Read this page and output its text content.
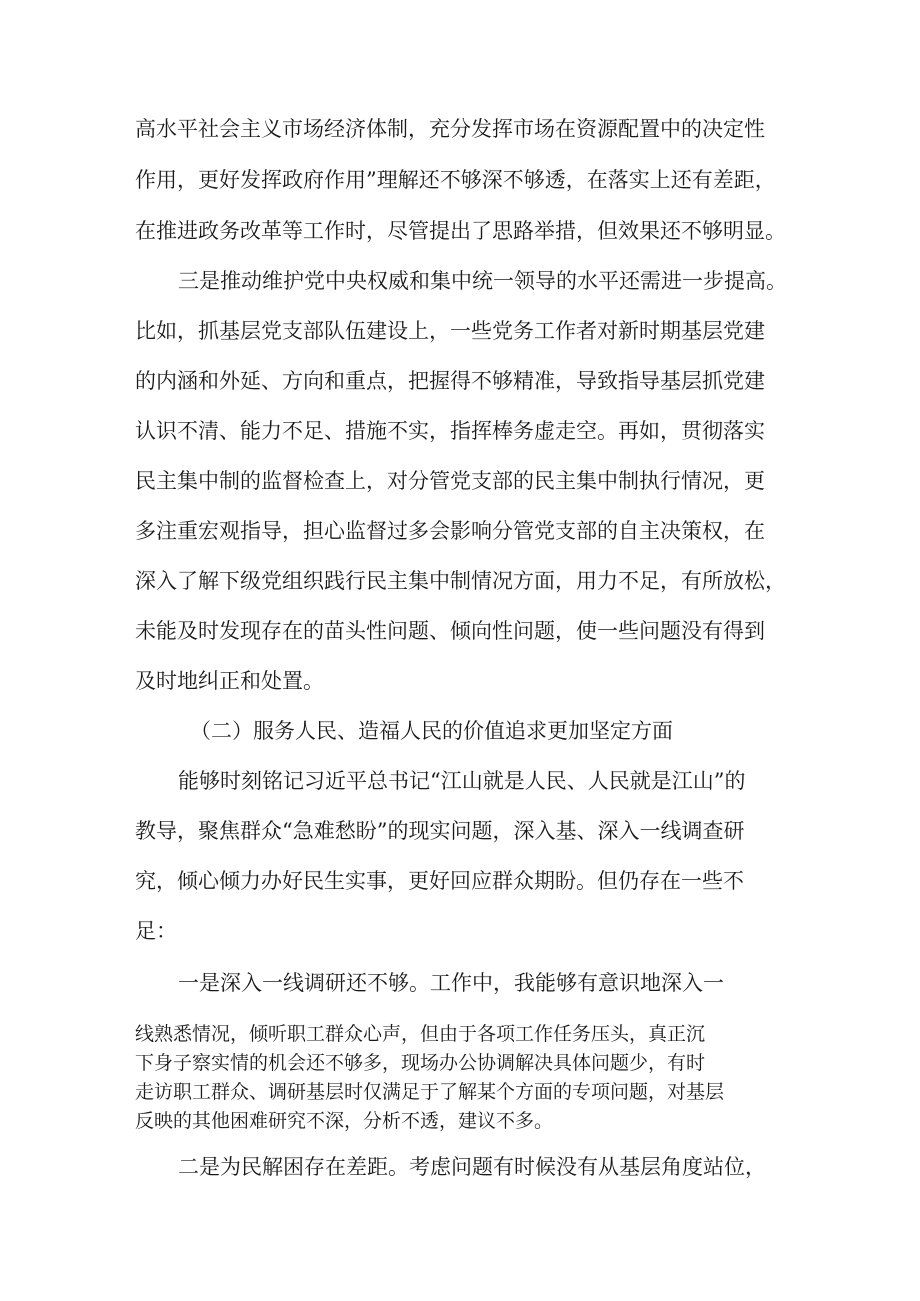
高水平社会主义市场经济体制，充分发挥市场在资源配置中的决定性
作用，更好发挥政府作用”理解还不够深不够透，在落实上还有差距，
在推进政务改革等工作时，尽管提出了思路举措，但效果还不够明显。
三是推动维护党中央权威和集中统一领导的水平还需进一步提高。
比如，抓基层党支部队伍建设上，一些党务工作者对新时期基层党建
的内涵和外延、方向和重点，把握得不够精准，导致指导基层抓党建
认识不清、能力不足、措施不实，指挥棒务虚走空。再如，贯彻落实
民主集中制的监督检查上，对分管党支部的民主集中制执行情况，更
多注重宏观指导，担心监督过多会影响分管党支部的自主决策权，在
深入了解下级党组织践行民主集中制情况方面，用力不足，有所放松，
未能及时发现存在的苗头性问题、倾向性问题，使一些问题没有得到
及时地纠正和处置。
（二）服务人民、造福人民的价值追求更加坚定方面
能够时刻铭记习近平总书记“江山就是人民、人民就是江山”的
教导，聚焦群众“急难愁盼”的现实问题，深入基、深入一线调查研
究，倾心倾力办好民生实事，更好回应群众期盼。但仍存在一些不
足：
一是深入一线调研还不够。工作中，我能够有意识地深入一
线熟悉情况，倾听职工群众心声，但由于各项工作任务压头，真正沉
下身子察实情的机会还不够多，现场办公协调解决具体问题少，有时
走访职工群众、调研基层时仅满足于了解某个方面的专项问题，对基层
反映的其他困难研究不深，分析不透，建议不多。
二是为民解困存在差距。考虑问题有时候没有从基层角度站位，
